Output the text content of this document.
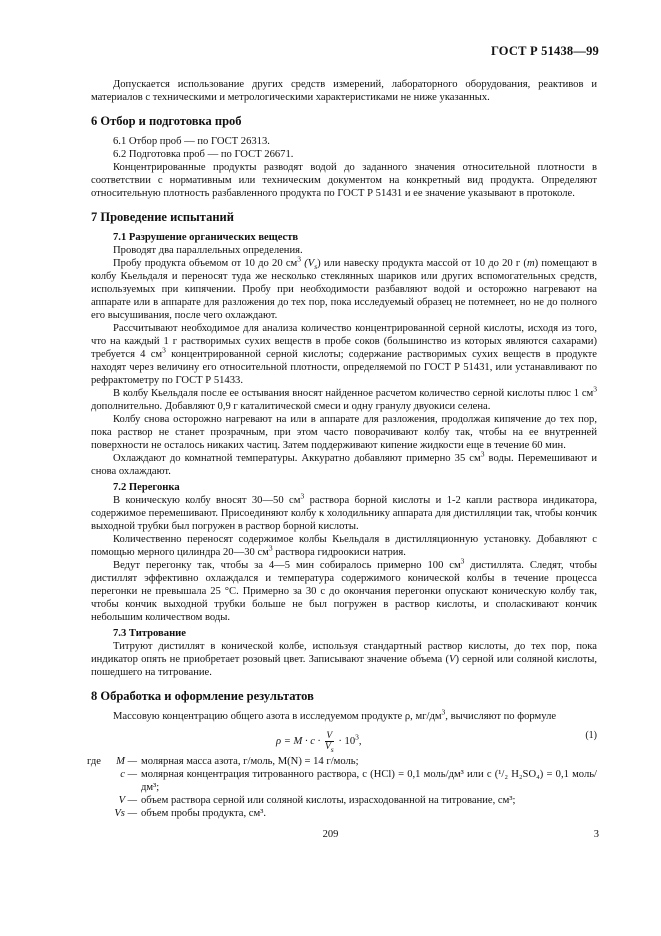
ГОСТ Р 51438—99

Допускается использование других средств измерений, лабораторного оборудования, реактивов и материалов с техническими и метрологическими характеристиками не ниже указанных.

6 Отбор и подготовка проб

6.1 Отбор проб — по ГОСТ 26313.

6.2 Подготовка проб — по ГОСТ 26671.

Концентрированные продукты разводят водой до заданного значения относительной плотности в соответствии с нормативным или техническим документом на конкретный вид продукта. Определяют относительную плотность разбавленного продукта по ГОСТ Р 51431 и ее значение указывают в протоколе.

7 Проведение испытаний
7.1 Разрушение органических веществ

Проводят два параллельных определения.

Пробу продукта объемом от 10 до 20 $см^3$ $(V_s)$ или навеску продукта массой от 10 до 20 г (m) помещают в колбу Кьельдаля и переносят туда же несколько стеклянных шариков или других вспомогательных средств, используемых при кипячении. Пробу при необходимости разбавляют водой и осторожно нагревают на аппарате или в аппарате для разложения до тех пор, пока исследуемый образец не потемнеет, но не до полного его высушивания, после чего охлаждают.

Рассчитывают необходимое для анализа количество концентрированной серной кислоты, исходя из того, что на каждый 1 г растворимых сухих веществ в пробе соков (большинство из которых являются сахарами) требуется 4 $см^3$ концентрированной серной кислоты; содержание растворимых сухих веществ в продукте находят через величину его относительной плотности, определяемой по ГОСТ Р 51431, или устанавливают по рефрактометру по ГОСТ Р 51433.

В колбу Кьельдаля после ее остывания вносят найденное расчетом количество серной кислоты плюс 1 $см^3$ дополнительно. Добавляют 0,9 г каталитической смеси и одну гранулу двуокиси селена.

Колбу снова осторожно нагревают на или в аппарате для разложения, продолжая кипячение до тех пор, пока раствор не станет прозрачным, при этом часто поворачивают колбу так, чтобы на ее внутренней поверхности не осталось никаких частиц. Затем поддерживают кипение жидкости еще в течение 60 мин.

Охлаждают до комнатной температуры. Аккуратно добавляют примерно 35 $см^3$ воды. Перемешивают и снова охлаждают.

7.2 Перегонка

В коническую колбу вносят 30—50 $см^3$ раствора борной кислоты и 1-2 капли раствора индикатора, содержимое перемешивают. Присоединяют колбу к холодильнику аппарата для дистилляции так, чтобы кончик выходной трубки был погружен в раствор борной кислоты.

Количественно переносят содержимое колбы Кьельдаля в дистилляционную установку. Добавляют с помощью мерного цилиндра 20—30 $см^3$ раствора гидроокиси натрия.

Ведут перегонку так, чтобы за 4—5 мин собиралось примерно 100 $см^3$ дистиллята. Следят, чтобы дистиллят эффективно охлаждался и температура содержимого конической колбы в течение процесса перегонки не превышала 25 °С. Примерно за 30 с до окончания перегонки опускают коническую колбу так, чтобы кончик выходной трубки больше не был погружен в раствор кислоты, и споласкивают кончик небольшим количеством воды.

7.3 Титрование

Титруют дистиллят в конической колбе, используя стандартный раствор кислоты, до тех пор, пока индикатор опять не приобретает розовый цвет. Записывают значение объема (V) серной или соляной кислоты, пошедшего на титрование.

8 Обработка и оформление результатов

Массовую концентрацию общего азота в исследуемом продукте ρ, $мг/дм^3$, вычисляют по формуле

$\rho = M \cdot c \cdot \frac{V}{V_s} \cdot 10^3$,
(1)
где	M — молярная масса азота, г/моль, M(N) = 14 г/моль;
c — молярная концентрация титрованного раствора, c (HCl) = 0,1 моль/дм³ или c (¹/₂ H₂SO₄) = 0,1 моль/дм³;
V — объем раствора серной или соляной кислоты, израсходованной на титрование, см³;
Vs — объем пробы продукта, см³.
209	3
